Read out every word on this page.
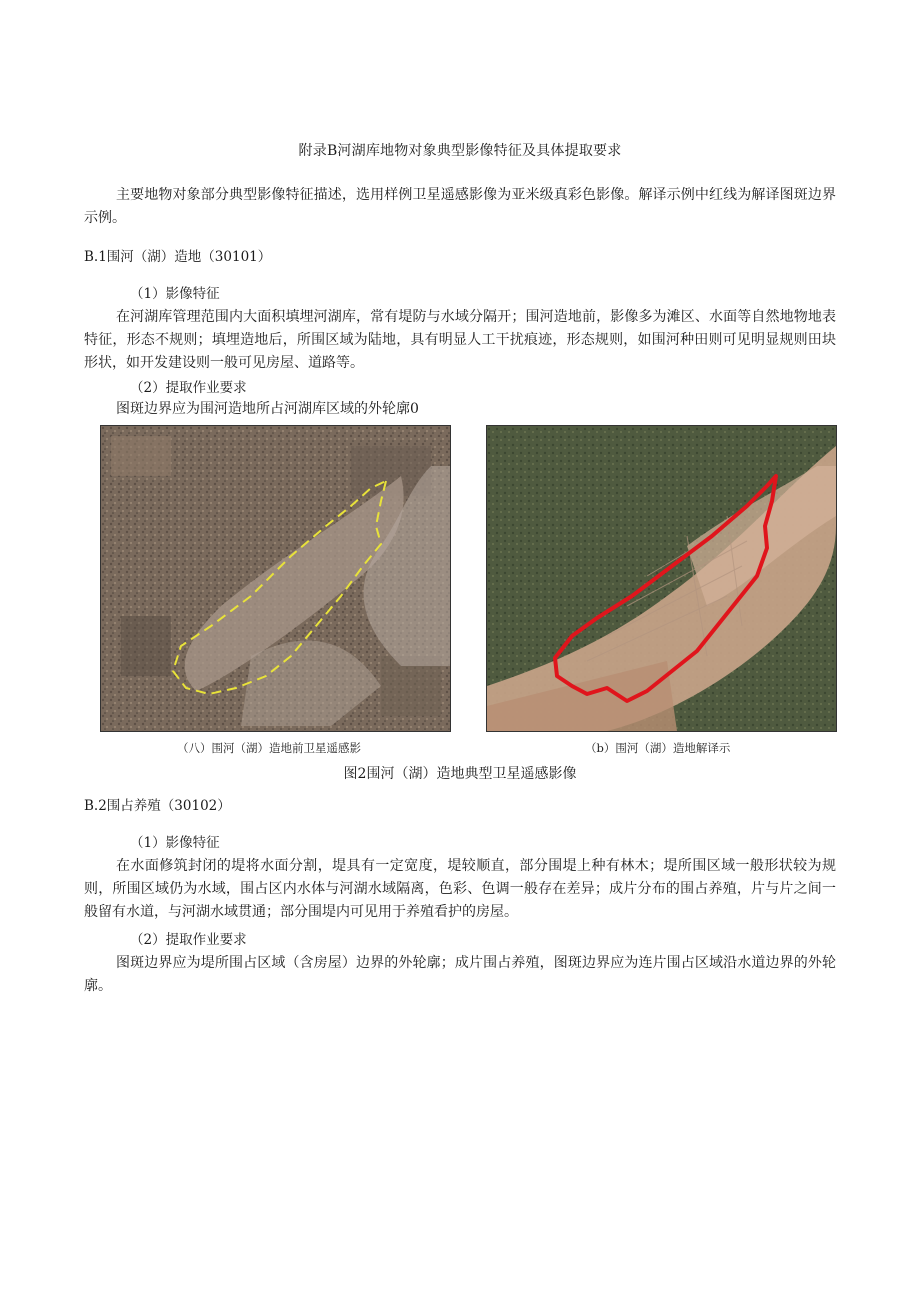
附录B河湖库地物对象典型影像特征及具体提取要求
主要地物对象部分典型影像特征描述，选用样例卫星遥感影像为亚米级真彩色影像。解译示例中红线为解译图斑边界示例。
B.1围河（湖）造地（30101）
（1）影像特征
在河湖库管理范围内大面积填埋河湖库，常有堤防与水域分隔开；围河造地前，影像多为滩区、水面等自然地物地表特征，形态不规则；填埋造地后，所围区域为陆地，具有明显人工干扰痕迹，形态规则，如围河种田则可见明显规则田块形状，如开发建设则一般可见房屋、道路等。
（2）提取作业要求
图斑边界应为围河造地所占河湖库区域的外轮廓0
（八）围河（湖）造地前卫星遥感影	（b）围河（湖）造地解译示
图2围河（湖）造地典型卫星遥感影像
B.2围占养殖（30102）
（1）影像特征
在水面修筑封闭的堤将水面分割，堤具有一定宽度，堤较顺直，部分围堤上种有林木；堤所围区域一般形状较为规则，所围区域仍为水域，围占区内水体与河湖水域隔离，色彩、色调一般存在差异；成片分布的围占养殖，片与片之间一般留有水道，与河湖水域贯通；部分围堤内可见用于养殖看护的房屋。
（2）提取作业要求
图斑边界应为堤所围占区域（含房屋）边界的外轮廓；成片围占养殖，图斑边界应为连片围占区域沿水道边界的外轮廓。
